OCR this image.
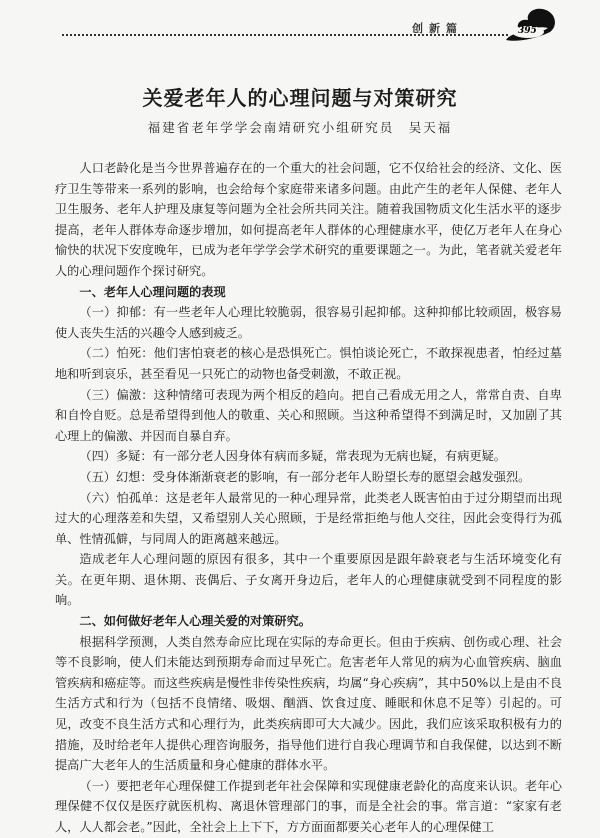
创新篇	395
关爱老年人的心理问题与对策研究
福建省老年学学会南靖研究小组研究员　吴天福

人口老龄化是当今世界普遍存在的一个重大的社会问题，它不仅给社会的经济、文化、医疗卫生等带来一系列的影响，也会给每个家庭带来诸多问题。由此产生的老年人保健、老年人卫生服务、老年人护理及康复等问题为全社会所共同关注。随着我国物质文化生活水平的逐步提高，老年人群体寿命逐步增加，如何提高老年人群体的心理健康水平，使亿万老年人在身心愉快的状况下安度晚年，已成为老年学学会学术研究的重要课题之一。为此，笔者就关爱老年人的心理问题作个探讨研究。

一、老年人心理问题的表现

（一）抑郁：有一些老年人心理比较脆弱，很容易引起抑郁。这种抑郁比较顽固，极容易使人丧失生活的兴趣令人感到疲乏。

（二）怕死：他们害怕衰老的核心是恐惧死亡。惧怕谈论死亡，不敢探视患者，怕经过墓地和听到哀乐，甚至看见一只死亡的动物也备受刺激，不敢正视。

（三）偏激：这种情绪可表现为两个相反的趋向。把自己看成无用之人，常常自责、自卑和自怜自贬。总是希望得到他人的敬重、关心和照顾。当这种希望得不到满足时，又加剧了其心理上的偏激、并因而自暴自弃。

（四）多疑：有一部分老人因身体有病而多疑，常表现为无病也疑，有病更疑。

（五）幻想：受身体渐渐衰老的影响，有一部分老年人盼望长寿的愿望会越发强烈。

（六）怕孤单：这是老年人最常见的一种心理异常，此类老人既害怕由于过分期望而出现过大的心理落差和失望，又希望别人关心照顾，于是经常拒绝与他人交往，因此会变得行为孤单、性情孤僻，与同周人的距离越来越远。

造成老年人心理问题的原因有很多，其中一个重要原因是跟年龄衰老与生活环境变化有关。在更年期、退休期、丧偶后、子女离开身边后，老年人的心理健康就受到不同程度的影响。

二、如何做好老年人心理关爱的对策研究。

根据科学预测，人类自然寿命应比现在实际的寿命更长。但由于疾病、创伤或心理、社会等不良影响，使人们未能达到预期寿命而过早死亡。危害老年人常见的病为心血管疾病、脑血管疾病和癌症等。而这些疾病是慢性非传染性疾病，均属“身心疾病”，其中50%以上是由不良生活方式和行为（包括不良情绪、吸烟、酗酒、饮食过度、睡眠和休息不足等）引起的。可见，改变不良生活方式和心理行为，此类疾病即可大大减少。因此，我们应该采取积极有力的措施，及时给老年人提供心理咨询服务，指导他们进行自我心理调节和自我保健，以达到不断提高广大老年人的生活质量和身心健康的群体水平。

（一）要把老年心理保健工作提到老年社会保障和实现健康老龄化的高度来认识。老年心理保健不仅仅是医疗就医机构、离退休管理部门的事，而是全社会的事。常言道：“家家有老人，人人都会老。”因此，全社会上上下下，方方面面都要关心老年人的心理保健工
